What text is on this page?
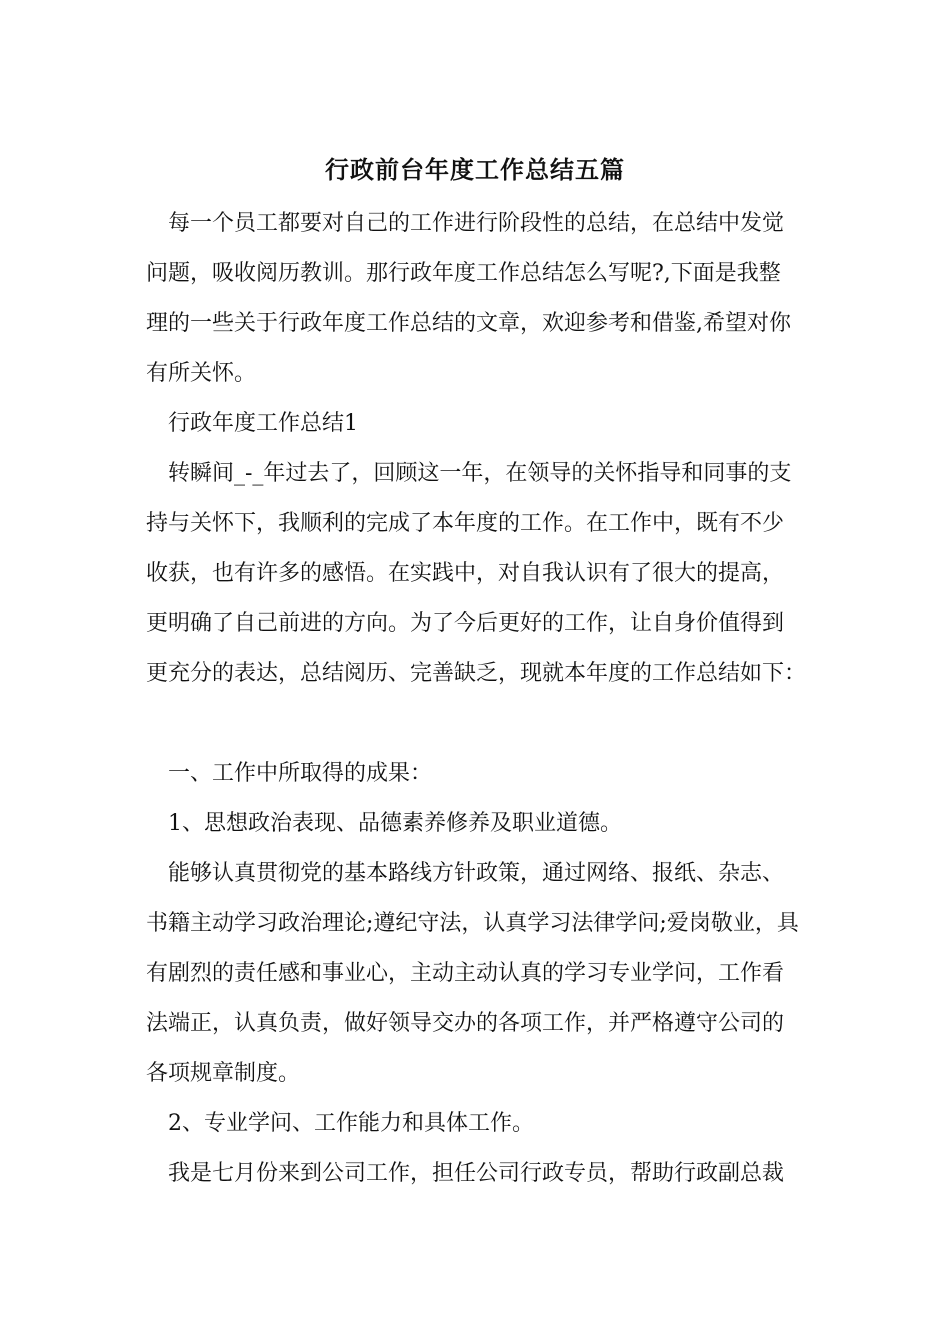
行政前台年度工作总结五篇
每一个员工都要对自己的工作进行阶段性的总结，在总结中发觉
问题，吸收阅历教训。那行政年度工作总结怎么写呢?,下面是我整
理的一些关于行政年度工作总结的文章，欢迎参考和借鉴,希望对你
有所关怀。
行政年度工作总结1
转瞬间_-_年过去了，回顾这一年，在领导的关怀指导和同事的支
持与关怀下，我顺利的完成了本年度的工作。在工作中，既有不少
收获，也有许多的感悟。在实践中，对自我认识有了很大的提高，
更明确了自己前进的方向。为了今后更好的工作，让自身价值得到
更充分的表达，总结阅历、完善缺乏，现就本年度的工作总结如下：
一、工作中所取得的成果：
1、思想政治表现、品德素养修养及职业道德。
能够认真贯彻党的基本路线方针政策，通过网络、报纸、杂志、
书籍主动学习政治理论;遵纪守法，认真学习法律学问;爱岗敬业，具
有剧烈的责任感和事业心，主动主动认真的学习专业学问，工作看
法端正，认真负责，做好领导交办的各项工作，并严格遵守公司的
各项规章制度。
2、专业学问、工作能力和具体工作。
我是七月份来到公司工作，担任公司行政专员，帮助行政副总裁
